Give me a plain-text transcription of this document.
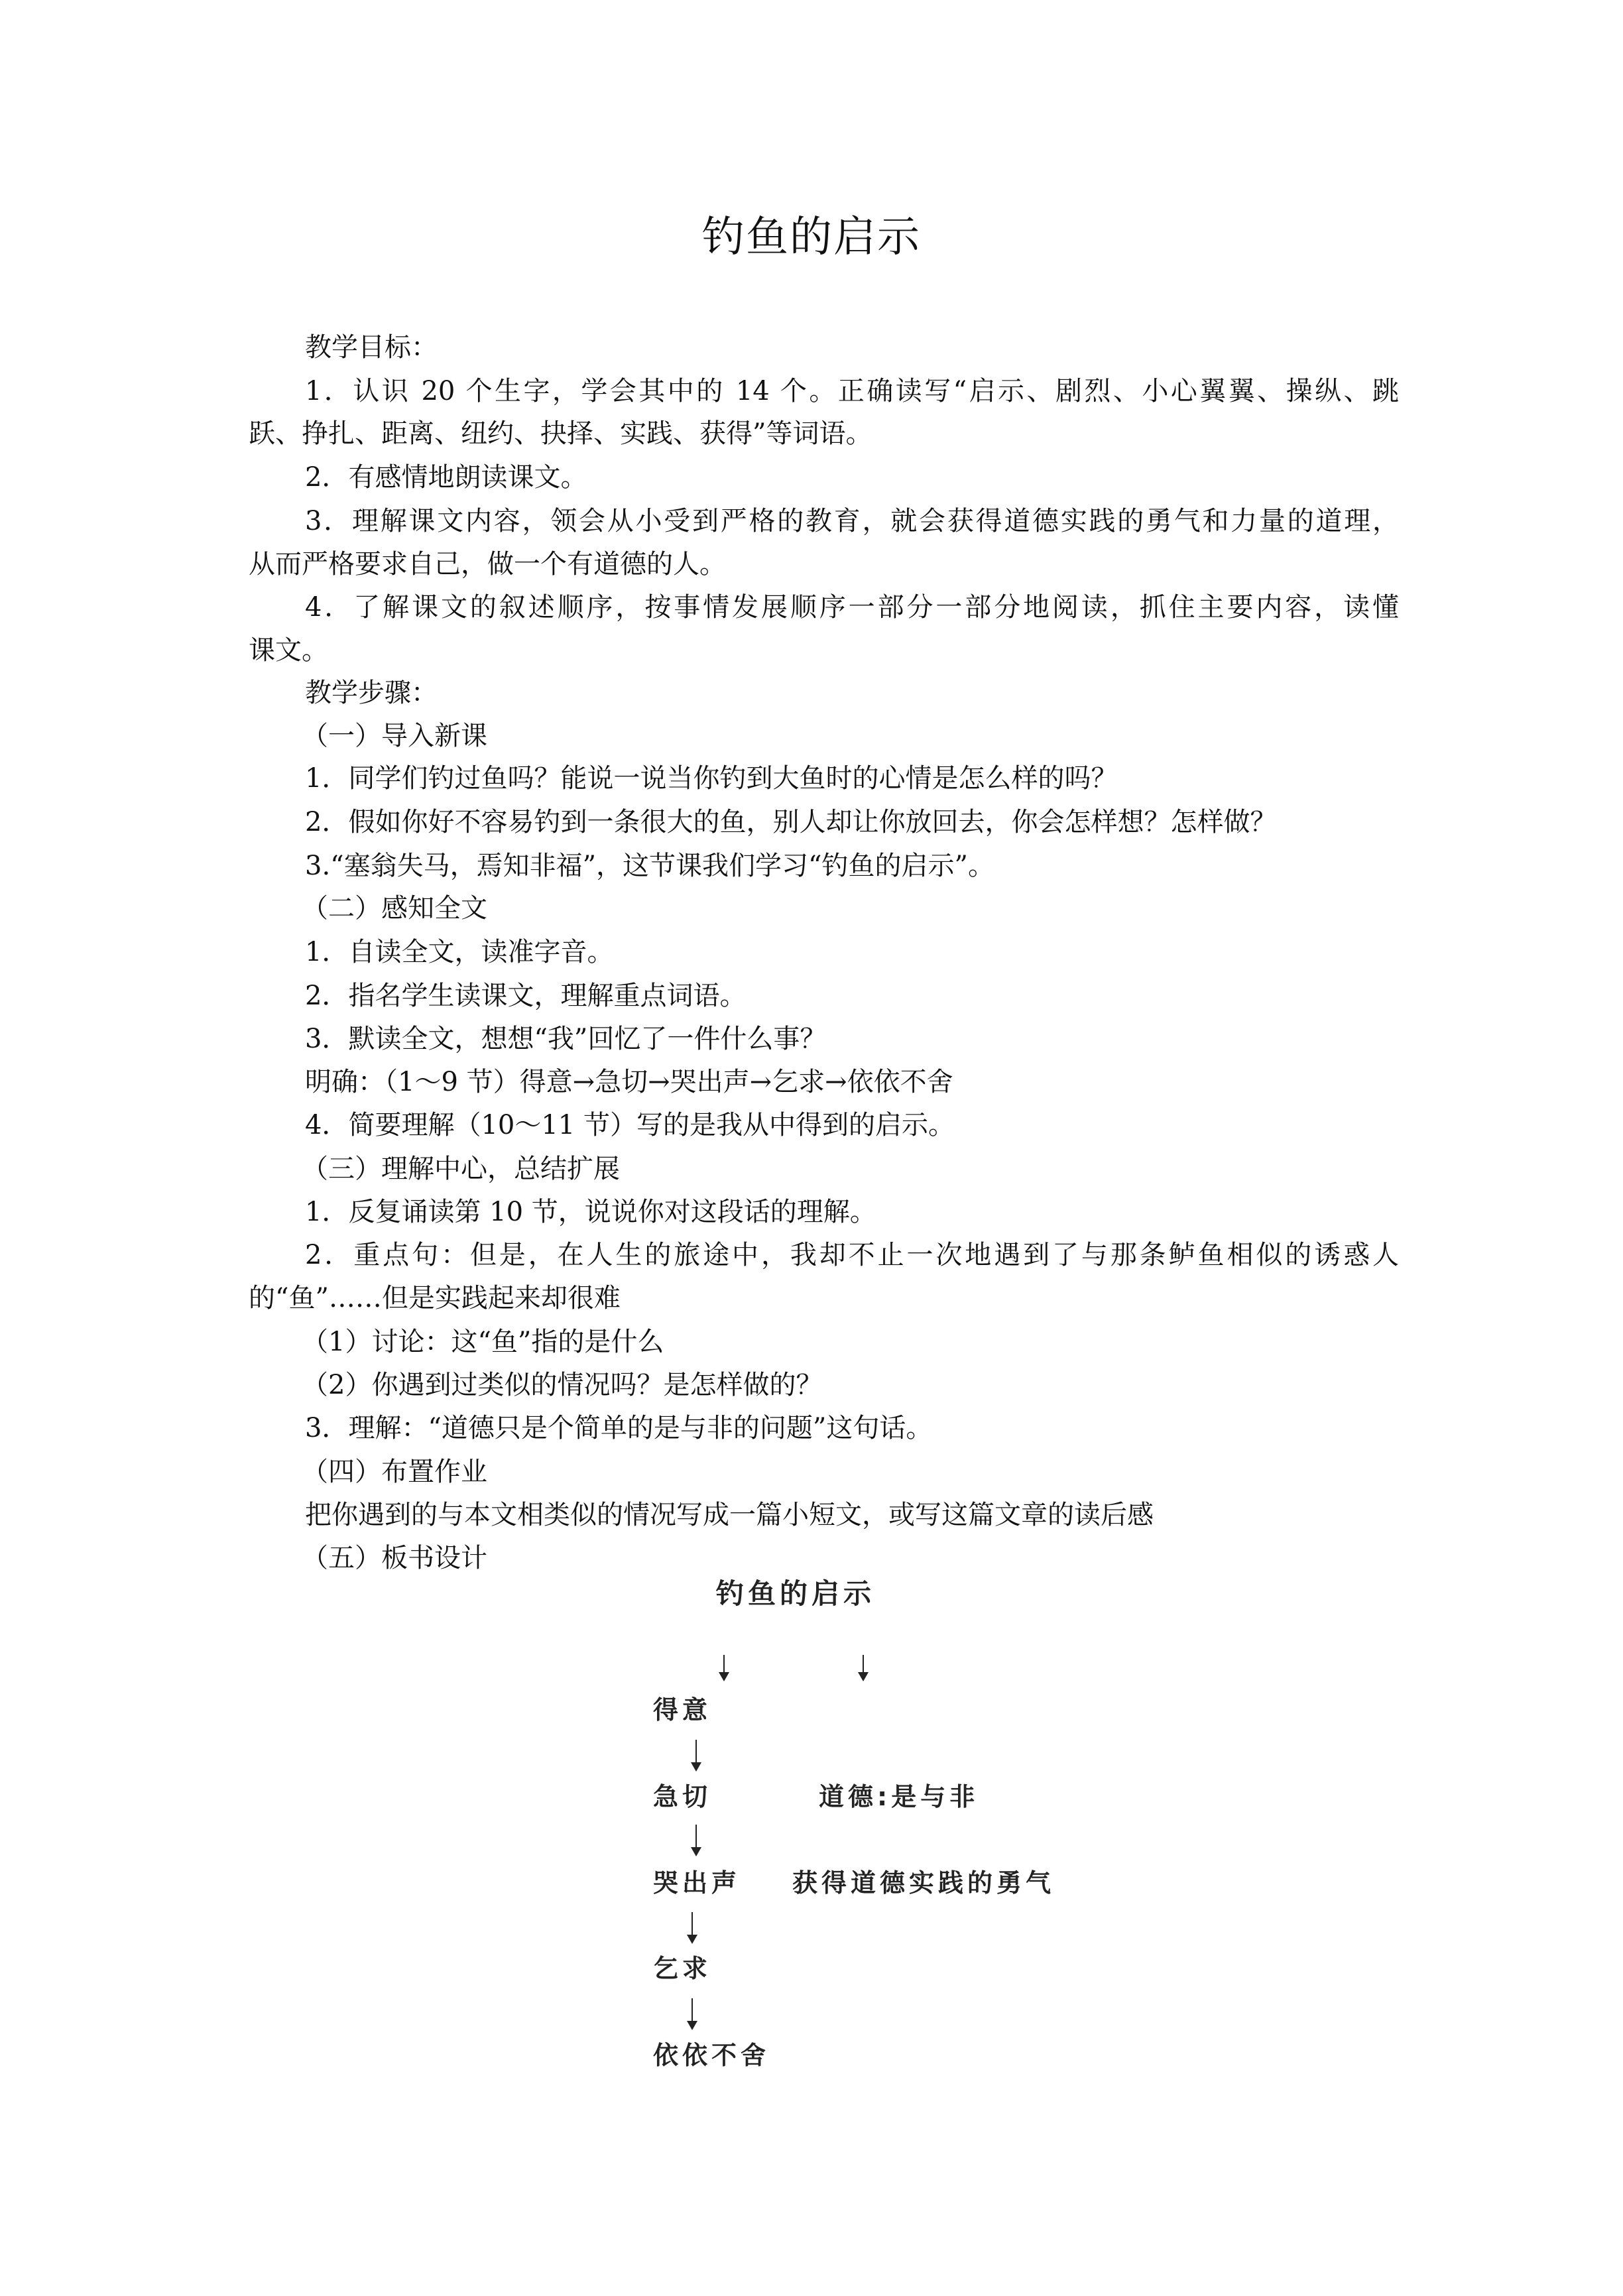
钓鱼的启示
教学目标：
1．认识 20 个生字，学会其中的 14 个。正确读写“启示、剧烈、小心翼翼、操纵、跳
跃、挣扎、距离、纽约、抉择、实践、获得”等词语。
2．有感情地朗读课文。
3．理解课文内容，领会从小受到严格的教育，就会获得道德实践的勇气和力量的道理，
从而严格要求自己，做一个有道德的人。
4．了解课文的叙述顺序，按事情发展顺序一部分一部分地阅读，抓住主要内容，读懂
课文。
教学步骤：
（一）导入新课
1．同学们钓过鱼吗？能说一说当你钓到大鱼时的心情是怎么样的吗？
2．假如你好不容易钓到一条很大的鱼，别人却让你放回去，你会怎样想？怎样做？
3.“塞翁失马，焉知非福”，这节课我们学习“钓鱼的启示”。
（二）感知全文
1．自读全文，读准字音。
2．指名学生读课文，理解重点词语。
3．默读全文，想想“我”回忆了一件什么事？
明确：（1～9 节）得意→急切→哭出声→乞求→依依不舍
4．简要理解（10～11 节）写的是我从中得到的启示。
（三）理解中心，总结扩展
1．反复诵读第 10 节，说说你对这段话的理解。
2．重点句：但是，在人生的旅途中，我却不止一次地遇到了与那条鲈鱼相似的诱惑人
的“鱼”……但是实践起来却很难
（1）讨论：这“鱼”指的是什么
（2）你遇到过类似的情况吗？是怎样做的？
3．理解：“道德只是个简单的是与非的问题”这句话。
（四）布置作业
把你遇到的与本文相类似的情况写成一篇小短文，或写这篇文章的读后感
（五）板书设计
钓鱼的启示
得意
急切	道德:是与非
哭出声 获得道德实践的勇气
乞求
依依不舍
